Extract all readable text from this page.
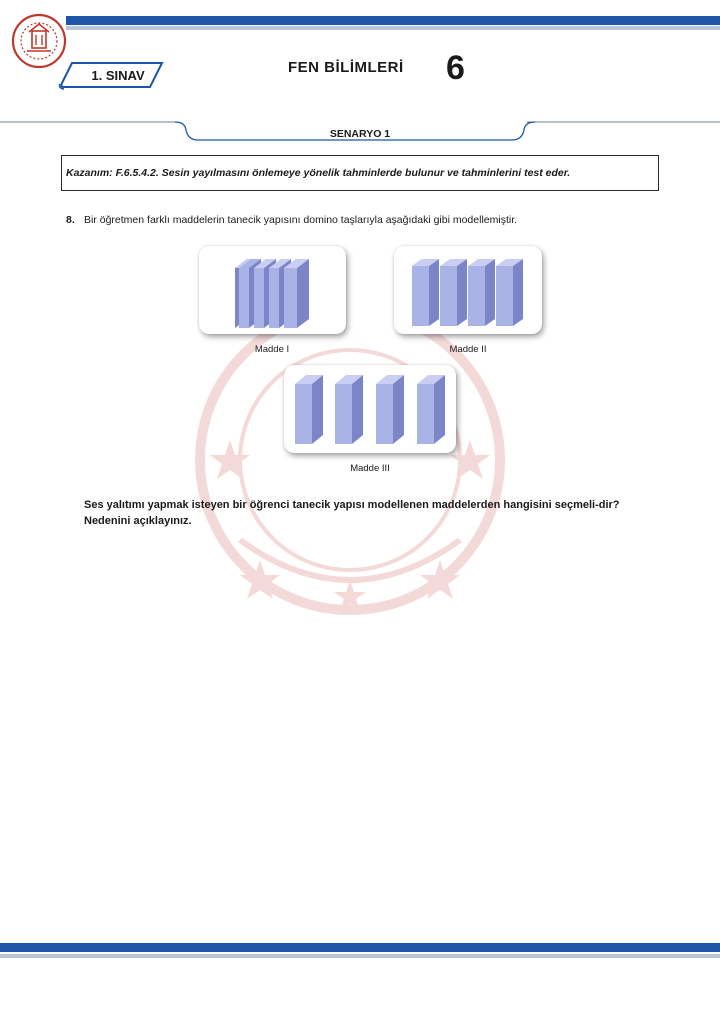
1. SINAV	FEN BİLİMLERİ 6
SENARYO 1
Kazanım: F.6.5.4.2. Sesin yayılmasını önlemeye yönelik tahminlerde bulunur ve tahminlerini test eder.
8. Bir öğretmen farklı maddelerin tanecik yapısını domino taşlarıyla aşağıdaki gibi modellemiştir.
Madde I	Madde II
Madde III
Ses yalıtımı yapmak isteyen bir öğrenci tanecik yapısı modellenen maddelerden hangisini seçmeli-dir? Nedenini açıklayınız.
